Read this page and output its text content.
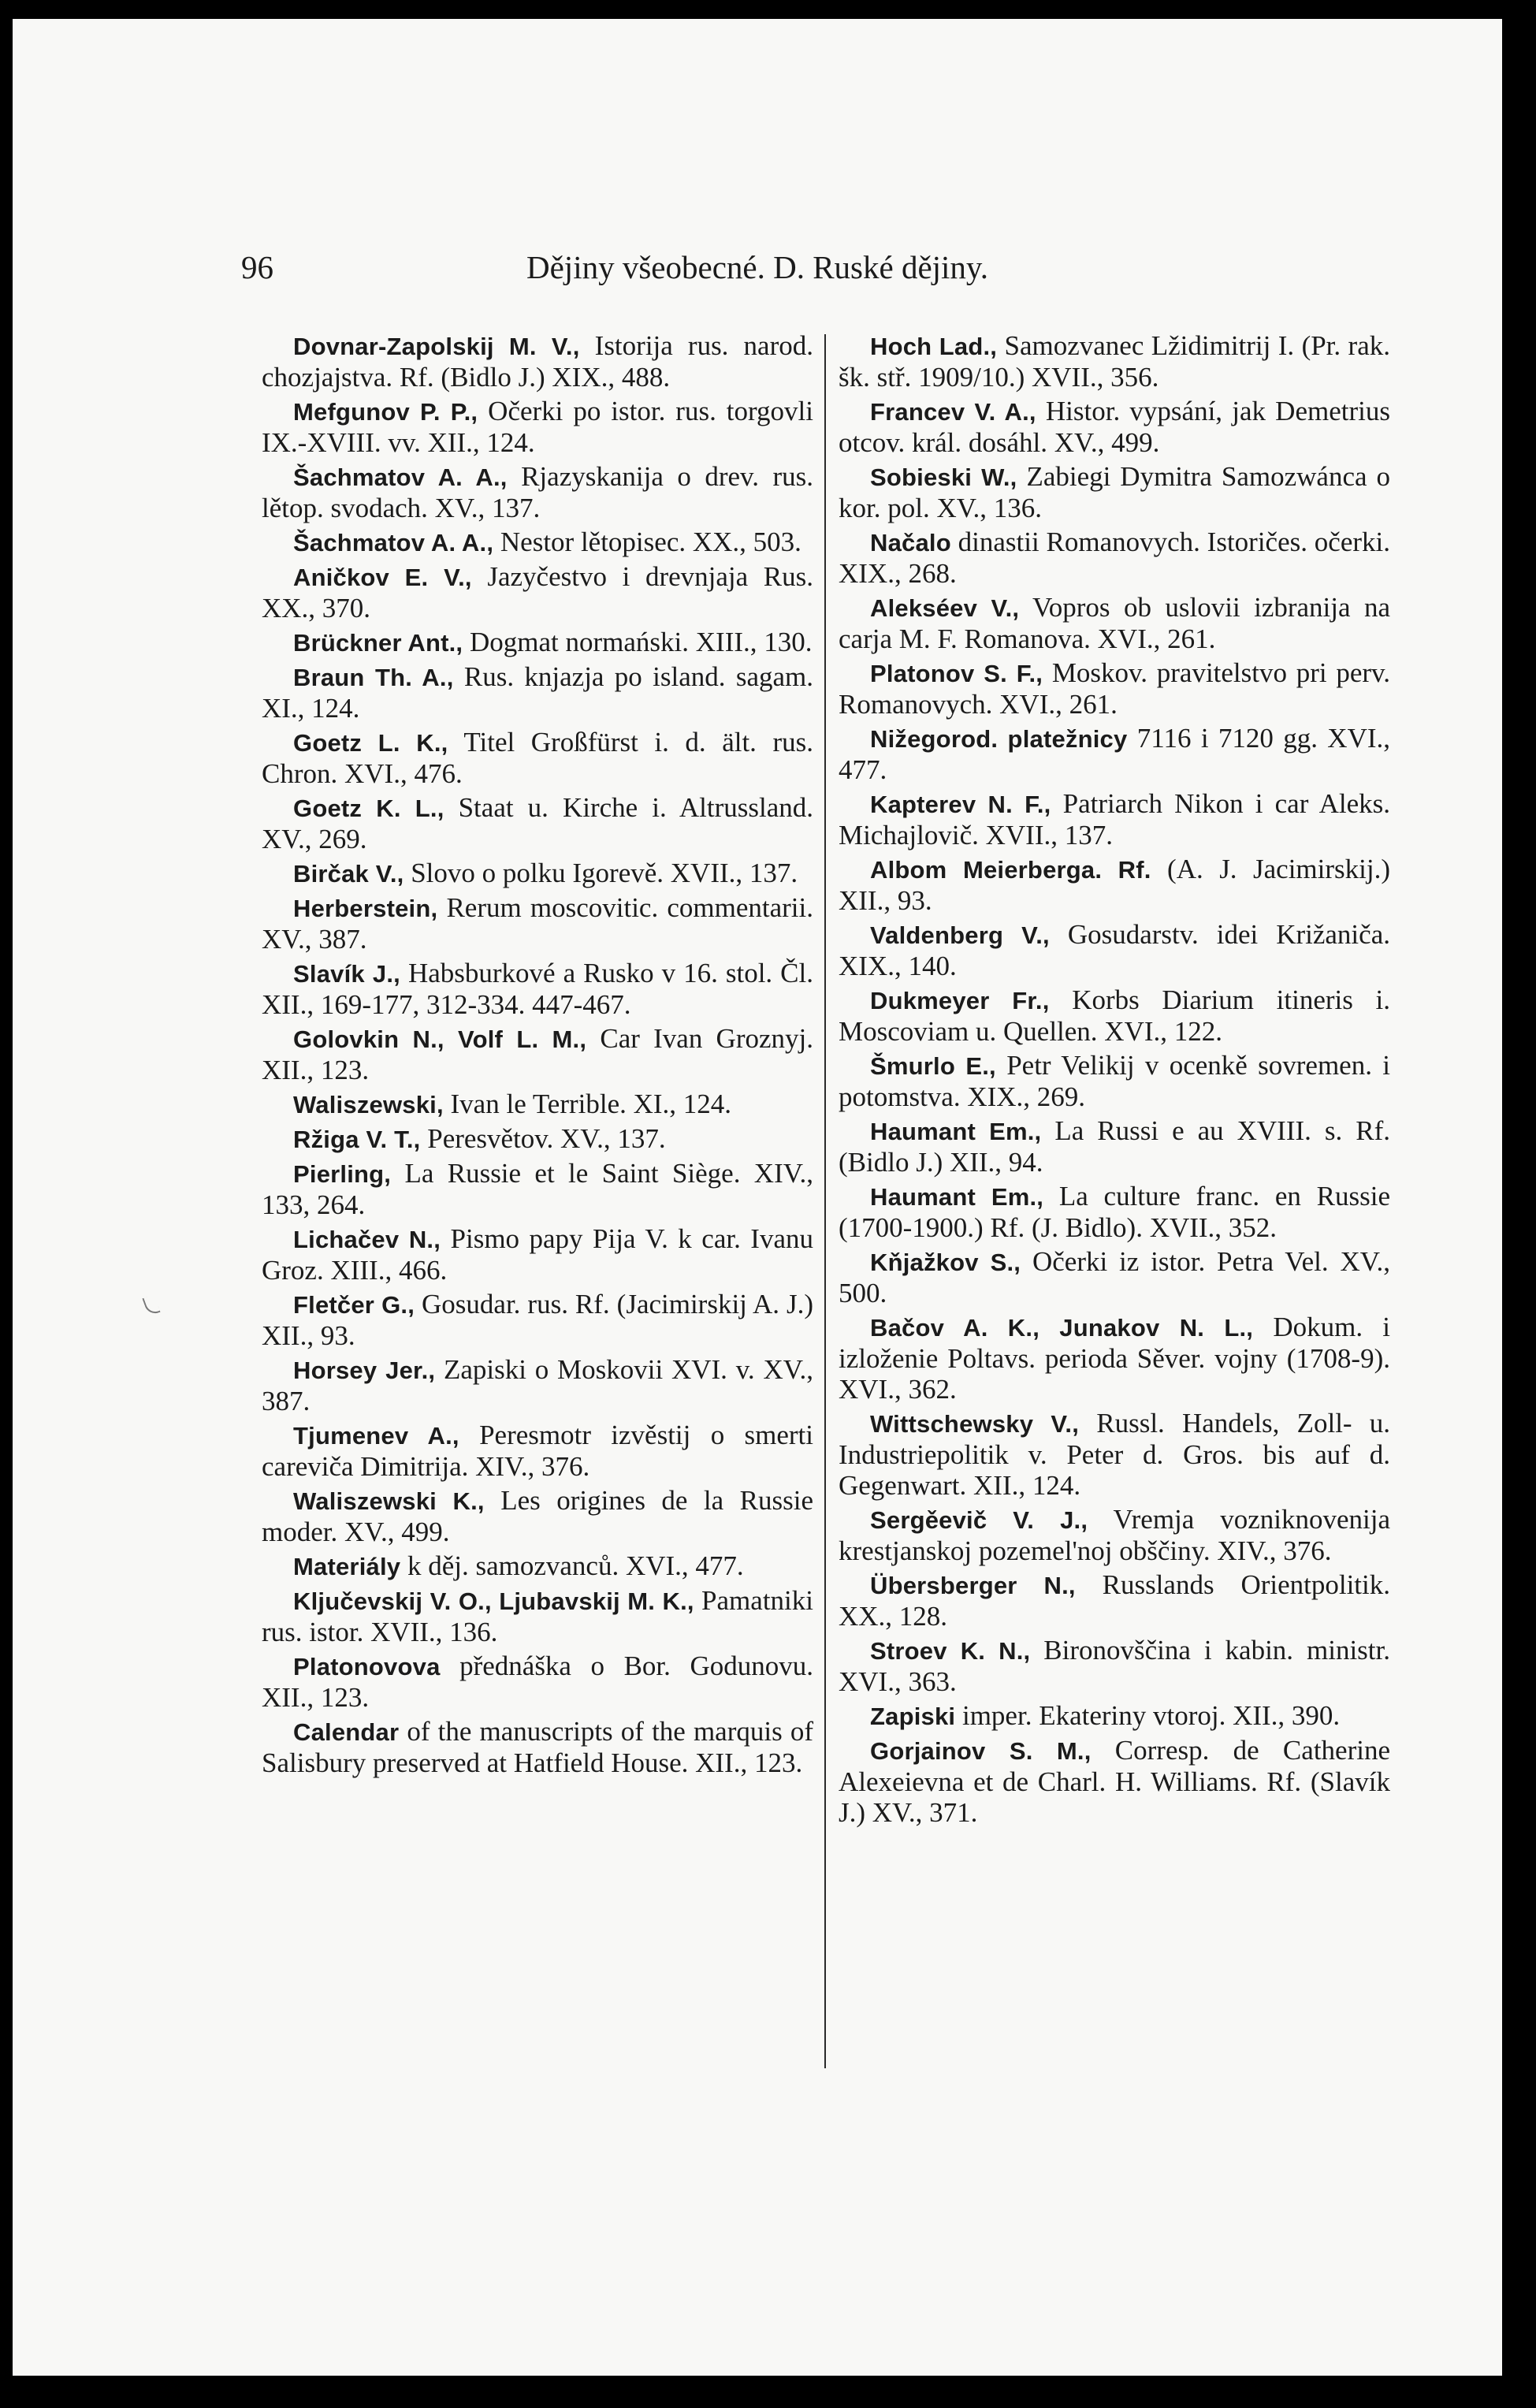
96	Dějiny všeobecné. D. Ruské dějiny.

Dovnar-Zapolskij M. V., Istorija rus. narod. chozjajstva. Rf. (Bidlo J.) XIX., 488.

Mefgunov P. P., Očerki po istor. rus. torgovli IX.-XVIII. vv. XII., 124.

Šachmatov A. A., Rjazyskanija o drev. rus. lětop. svodach. XV., 137.

Šachmatov A. A., Nestor lětopisec. XX., 503.

Aničkov E. V., Jazyčestvo i drevnjaja Rus. XX., 370.

Brückner Ant., Dogmat normański. XIII., 130.

Braun Th. A., Rus. knjazja po island. sagam. XI., 124.

Goetz L. K., Titel Großfürst i. d. ält. rus. Chron. XVI., 476.

Goetz K. L., Staat u. Kirche i. Altrussland. XV., 269.

Birčak V., Slovo o polku Igorevě. XVII., 137.

Herberstein, Rerum moscovitic. commentarii. XV., 387.

Slavík J., Habsburkové a Rusko v 16. stol. Čl. XII., 169-177, 312-334. 447-467.

Golovkin N., Volf L. M., Car Ivan Groznyj. XII., 123.

Waliszewski, Ivan le Terrible. XI., 124.

Ržiga V. T., Peresvětov. XV., 137.

Pierling, La Russie et le Saint Siège. XIV., 133, 264.

Lichačev N., Pismo papy Pija V. k car. Ivanu Groz. XIII., 466.

Fletčer G., Gosudar. rus. Rf. (Jacimirskij A. J.) XII., 93.

Horsey Jer., Zapiski o Moskovii XVI. v. XV., 387.

Tjumenev A., Peresmotr izvěstij o smerti careviča Dimitrija. XIV., 376.

Waliszewski K., Les origines de la Russie moder. XV., 499.

Materiály k děj. samozvanců. XVI., 477.

Ključevskij V. O., Ljubavskij M. K., Pamatniki rus. istor. XVII., 136.

Platonovova přednáška o Bor. Godunovu. XII., 123.

Calendar of the manuscripts of the marquis of Salisbury preserved at Hatfield House. XII., 123.

Hoch Lad., Samozvanec Lžidimitrij I. (Pr. rak. šk. stř. 1909/10.) XVII., 356.

Francev V. A., Histor. vypsání, jak Demetrius otcov. král. dosáhl. XV., 499.

Sobieski W., Zabiegi Dymitra Samozwánca o kor. pol. XV., 136.

Načalo dinastii Romanovych. Istoričes. očerki. XIX., 268.

Alekséev V., Vopros ob uslovii izbranija na carja M. F. Romanova. XVI., 261.

Platonov S. F., Moskov. pravitelstvo pri perv. Romanovych. XVI., 261.

Nižegorod. platežnicy 7116 i 7120 gg. XVI., 477.

Kapterev N. F., Patriarch Nikon i car Aleks. Michajlovič. XVII., 137.

Albom Meierberga. Rf. (A. J. Jacimirskij.) XII., 93.

Valdenberg V., Gosudarstv. idei Križaniča. XIX., 140.

Dukmeyer Fr., Korbs Diarium itineris i. Moscoviam u. Quellen. XVI., 122.

Šmurlo E., Petr Velikij v ocenkě sovremen. i potomstva. XIX., 269.

Haumant Em., La Russi e au XVIII. s. Rf. (Bidlo J.) XII., 94.

Haumant Em., La culture franc. en Russie (1700-1900.) Rf. (J. Bidlo). XVII., 352.

Kňjažkov S., Očerki iz istor. Petra Vel. XV., 500.

Bačov A. K., Junakov N. L., Dokum. i izloženie Poltavs. perioda Sěver. vojny (1708-9). XVI., 362.

Wittschewsky V., Russl. Handels, Zoll- u. Industriepolitik v. Peter d. Gros. bis auf d. Gegenwart. XII., 124.

Sergěevič V. J., Vremja vozniknovenija krestjanskoj pozemel'noj obščiny. XIV., 376.

Übersberger N., Russlands Orientpolitik. XX., 128.

Stroev K. N., Bironovščina i kabin. ministr. XVI., 363.

Zapiski imper. Ekateriny vtoroj. XII., 390.

Gorjainov S. M., Corresp. de Catherine Alexeievna et de Charl. H. Williams. Rf. (Slavík J.) XV., 371.
